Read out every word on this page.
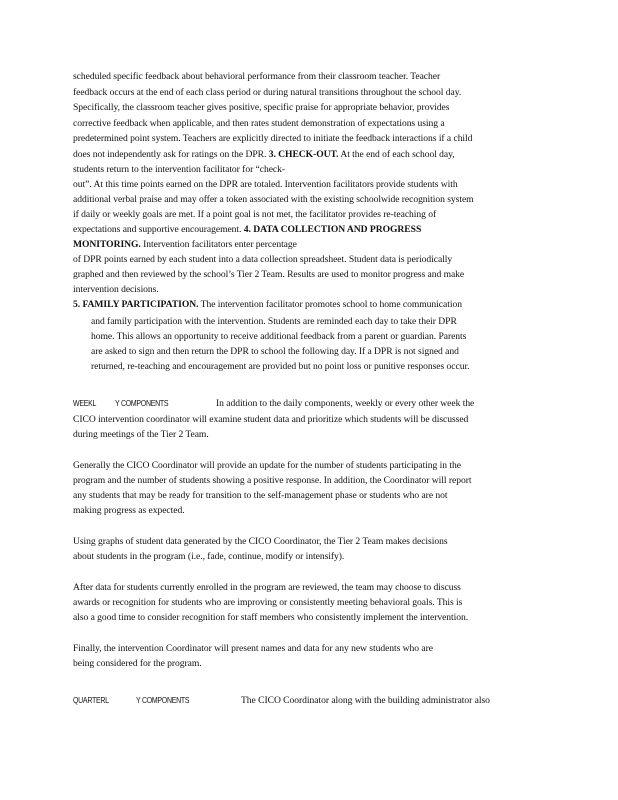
scheduled specific feedback about behavioral performance from their classroom teacher. Teacher
feedback occurs at the end of each class period or during natural transitions throughout the school day.
Specifically, the classroom teacher gives positive, specific praise for appropriate behavior, provides
corrective feedback when applicable, and then rates student demonstration of expectations using a
predetermined point system. Teachers are explicitly directed to initiate the feedback interactions if a child
does not independently ask for ratings on the DPR. 3. CHECK-OUT. At the end of each school day,
students return to the intervention facilitator for “check-
out”. At this time points earned on the DPR are totaled. Intervention facilitators provide students with
additional verbal praise and may offer a token associated with the existing schoolwide recognition system
if daily or weekly goals are met. If a point goal is not met, the facilitator provides re-teaching of
expectations and supportive encouragement. 4. DATA COLLECTION AND PROGRESS
MONITORING. Intervention facilitators enter percentage
of DPR points earned by each student into a data collection spreadsheet. Student data is periodically
graphed and then reviewed by the school’s Tier 2 Team. Results are used to monitor progress and make
intervention decisions.
5. FAMILY PARTICIPATION. The intervention facilitator promotes school to home communication
and family participation with the intervention. Students are reminded each day to take their DPR
home. This allows an opportunity to receive additional feedback from a parent or guardian. Parents
are asked to sign and then return the DPR to school the following day. If a DPR is not signed and
returned, re-teaching and encouragement are provided but no point loss or punitive responses occur.
WEEKL Y COMPONENTS	In addition to the daily components, weekly or every other week the
CICO intervention coordinator will examine student data and prioritize which students will be discussed
during meetings of the Tier 2 Team.
Generally the CICO Coordinator will provide an update for the number of students participating in the
program and the number of students showing a positive response. In addition, the Coordinator will report
any students that may be ready for transition to the self-management phase or students who are not
making progress as expected.
Using graphs of student data generated by the CICO Coordinator, the Tier 2 Team makes decisions
about students in the program (i.e., fade, continue, modify or intensify).
After data for students currently enrolled in the program are reviewed, the team may choose to discuss
awards or recognition for students who are improving or consistently meeting behavioral goals. This is
also a good time to consider recognition for staff members who consistently implement the intervention.
Finally, the intervention Coordinator will present names and data for any new students who are
being considered for the program.
QUARTERL	Y COMPONENTS	The CICO Coordinator along with the building administrator also
